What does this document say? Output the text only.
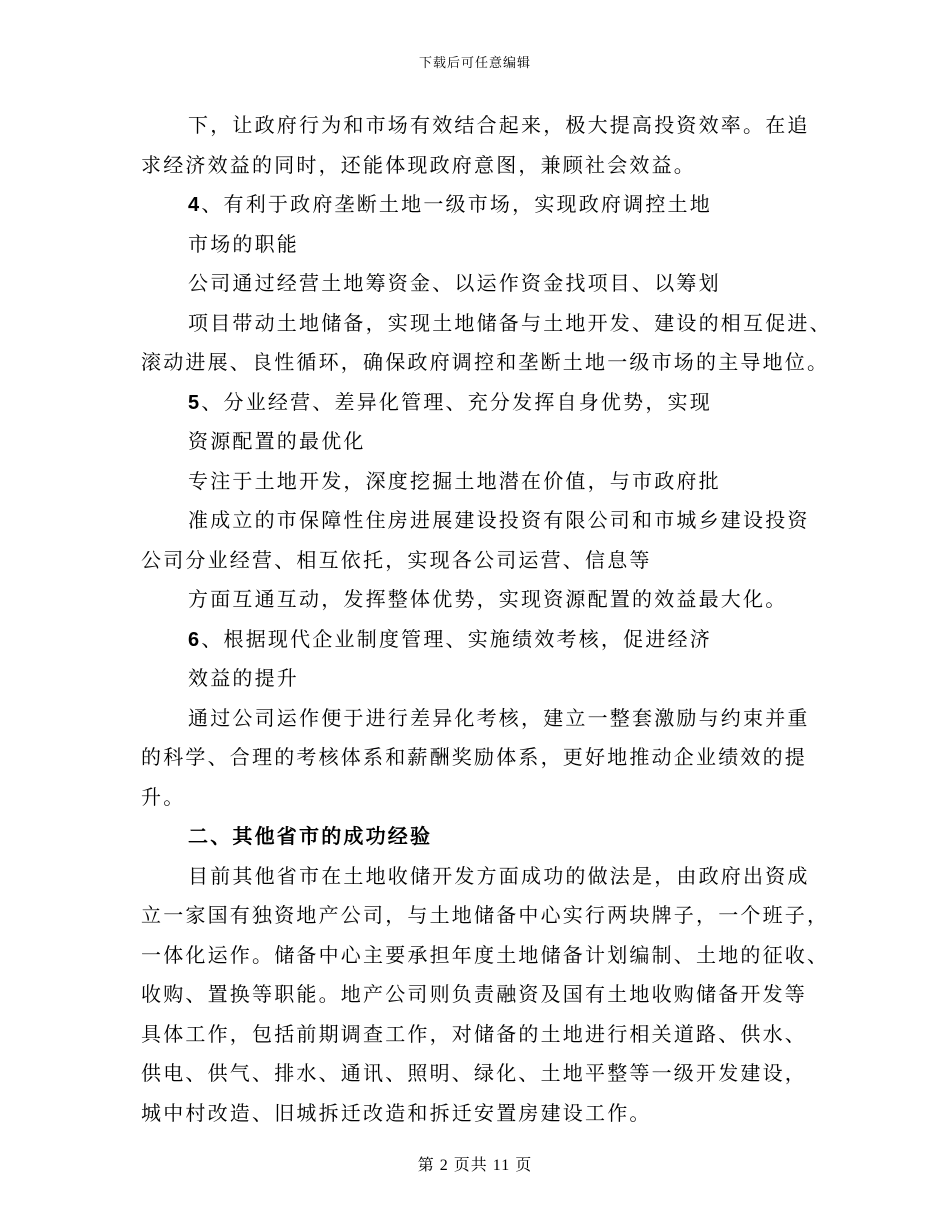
下载后可任意编辑
下，让政府行为和市场有效结合起来，极大提高投资效率。在追
求经济效益的同时，还能体现政府意图，兼顾社会效益。
4、有利于政府垄断土地一级市场，实现政府调控土地
市场的职能
公司通过经营土地筹资金、以运作资金找项目、以筹划
项目带动土地储备，实现土地储备与土地开发、建设的相互促进、
滚动进展、良性循环，确保政府调控和垄断土地一级市场的主导地位。
5、分业经营、差异化管理、充分发挥自身优势，实现
资源配置的最优化
专注于土地开发，深度挖掘土地潜在价值，与市政府批
准成立的市保障性住房进展建设投资有限公司和市城乡建设投资
公司分业经营、相互依托，实现各公司运营、信息等
方面互通互动，发挥整体优势，实现资源配置的效益最大化。
6、根据现代企业制度管理、实施绩效考核，促进经济
效益的提升
通过公司运作便于进行差异化考核，建立一整套激励与约束并重
的科学、合理的考核体系和薪酬奖励体系，更好地推动企业绩效的提
升。
二、其他省市的成功经验
目前其他省市在土地收储开发方面成功的做法是，由政府出资成
立一家国有独资地产公司，与土地储备中心实行两块牌子，一个班子，
一体化运作。储备中心主要承担年度土地储备计划编制、土地的征收、
收购、置换等职能。地产公司则负责融资及国有土地收购储备开发等
具体工作，包括前期调查工作，对储备的土地进行相关道路、供水、
供电、供气、排水、通讯、照明、绿化、土地平整等一级开发建设，
城中村改造、旧城拆迁改造和拆迁安置房建设工作。
第 2 页共 11 页
